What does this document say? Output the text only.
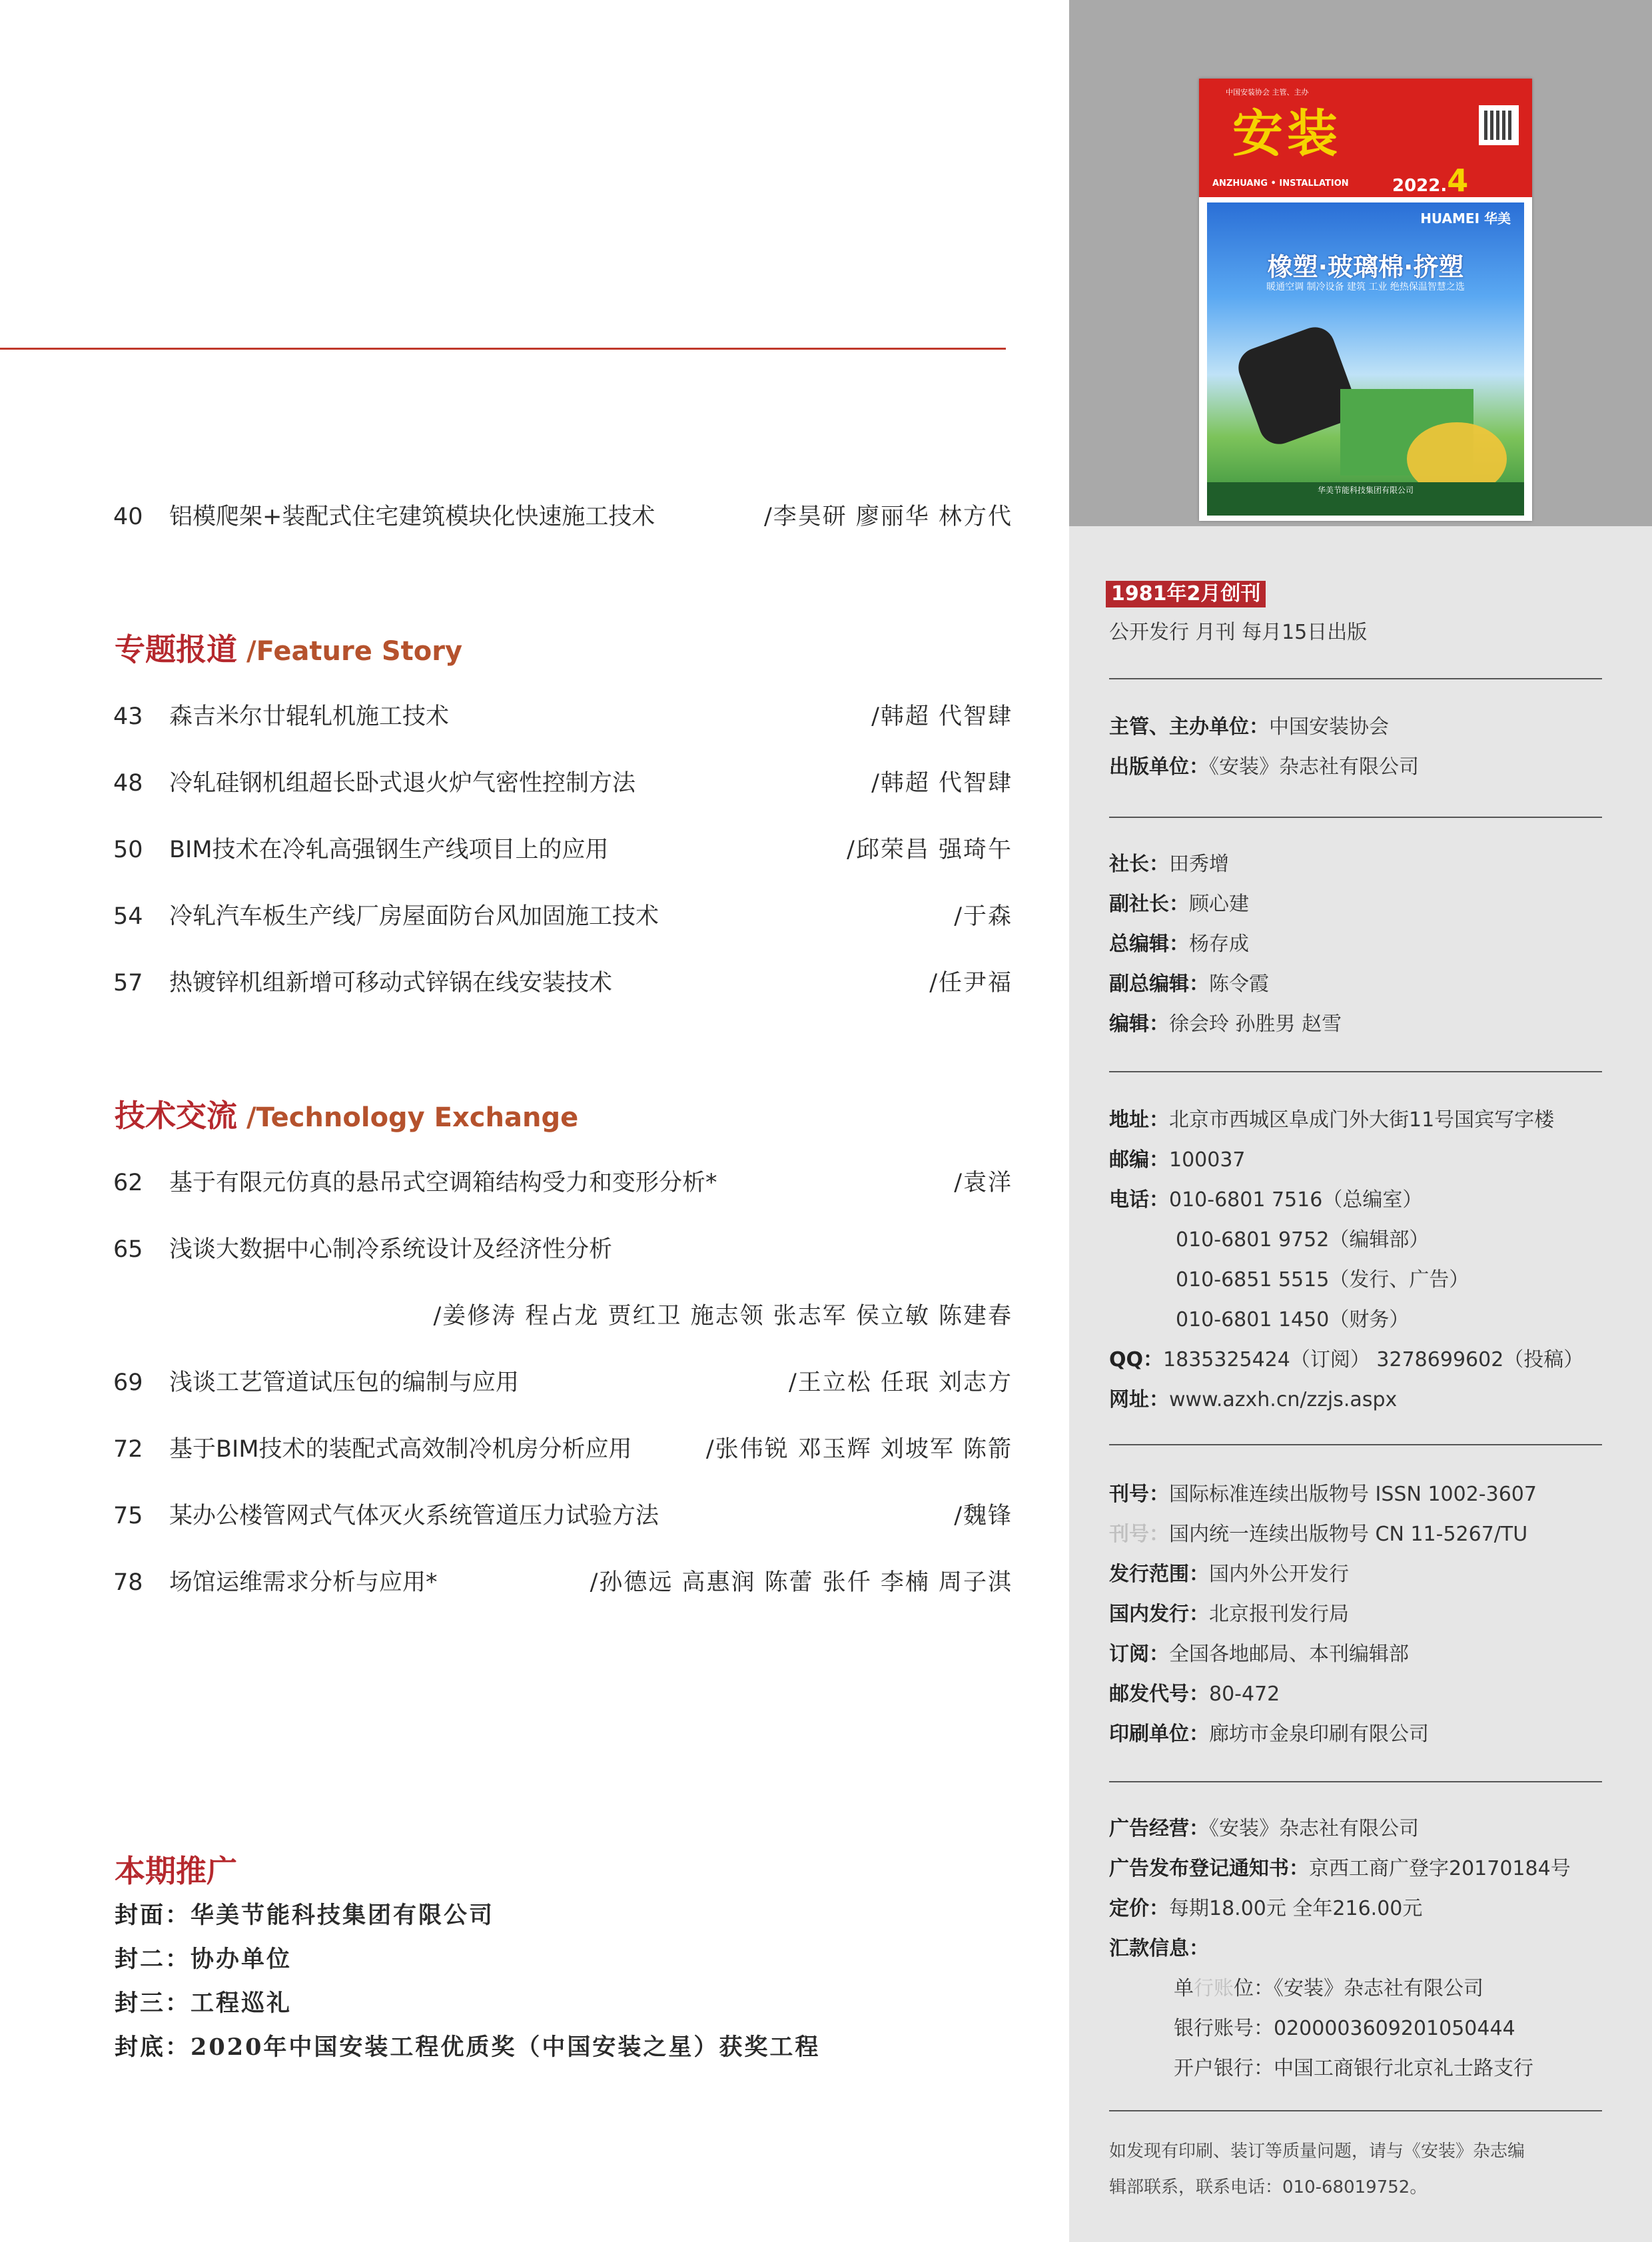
40	铝模爬架+装配式住宅建筑模块化快速施工技术	/李昊研 廖丽华 林方代
专题报道 /Feature Story
43	森吉米尔廿辊轧机施工技术	/韩超 代智肆
48	冷轧硅钢机组超长卧式退火炉气密性控制方法	/韩超 代智肆
50	BIM技术在冷轧高强钢生产线项目上的应用	/邱荣昌 强琦午
54	冷轧汽车板生产线厂房屋面防台风加固施工技术	/于森
57	热镀锌机组新增可移动式锌锅在线安装技术	/任尹福
技术交流 /Technology Exchange
62	基于有限元仿真的悬吊式空调箱结构受力和变形分析*	/袁洋
65	浅谈大数据中心制冷系统设计及经济性分析
/姜修涛 程占龙 贾红卫 施志领 张志军 侯立敏 陈建春
69	浅谈工艺管道试压包的编制与应用	/王立松 任珉 刘志方
72	基于BIM技术的装配式高效制冷机房分析应用	/张伟锐 邓玉辉 刘坡军 陈箭
75	某办公楼管网式气体灭火系统管道压力试验方法	/魏锋
78	场馆运维需求分析与应用*	/孙德远 高惠润 陈蕾 张仟 李楠 周子淇
本期推广
封面：华美节能科技集团有限公司
封二：协办单位
封三：工程巡礼
封底：2020年中国安装工程优质奖（中国安装之星）获奖工程
中国安装协会 主管、主办
安装
ANZHUANG • INSTALLATION	2022.4
HUAMEI 华美
橡塑·玻璃棉·挤塑
暖通空调 制冷设备 建筑 工业 绝热保温智慧之选
华美节能科技集团有限公司
1981年2月创刊
公开发行 月刊 每月15日出版
主管、主办单位：中国安装协会
出版单位：《安装》杂志社有限公司
社长：田秀增
副社长：顾心建
总编辑：杨存成
副总编辑：陈令霞
编辑：徐会玲 孙胜男 赵雪
地址：北京市西城区阜成门外大街11号国宾写字楼
邮编：100037
电话：010-6801 7516（总编室）
010-6801 9752（编辑部）
010-6851 5515（发行、广告）
010-6801 1450（财务）
QQ：1835325424（订阅） 3278699602（投稿）
网址：www.azxh.cn/zzjs.aspx
刊号：国际标准连续出版物号 ISSN 1002-3607
刊号：国内统一连续出版物号 CN 11-5267/TU
发行范围：国内外公开发行
国内发行：北京报刊发行局
订阅：全国各地邮局、本刊编辑部
邮发代号：80-472
印刷单位：廊坊市金泉印刷有限公司
广告经营：《安装》杂志社有限公司
广告发布登记通知书：京西工商广登字20170184号
定价：每期18.00元 全年216.00元
汇款信息：
单行账位：《安装》杂志社有限公司
银行账号：0200003609201050444
开户银行：中国工商银行北京礼士路支行
如发现有印刷、装订等质量问题，请与《安装》杂志编
辑部联系，联系电话：010-68019752。
